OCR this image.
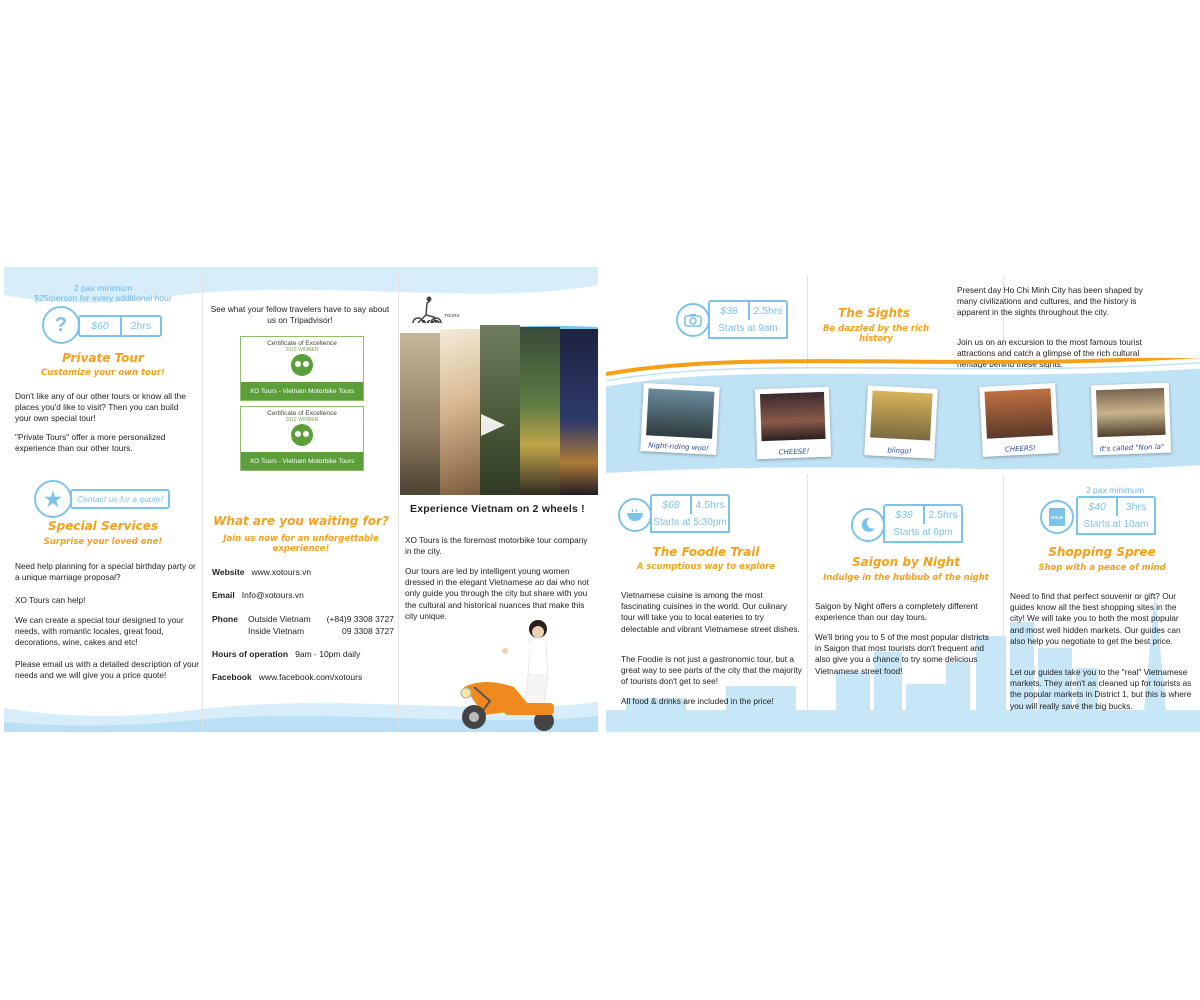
2 pax minimum
$25/person for every additional hour
?	$60	2hrs
Private Tour
Customize your own tour!
Don't like any of our other tours or know all the places you'd like to visit? Then you can build your own special tour!
"Private Tours" offer a more personalized experience than our other tours.
★	Contact us for a quote!
Special Services
Surprise your loved one!
Need help planning for a special birthday party or a unique marriage proposal?
XO Tours can help!
We can create a special tour designed to your needs, with romantic locales, great food, decorations, wine, cakes and etc!
Please email us with a detailed description of your needs and we will give you a price quote!
See what your fellow travelers have to say about us on Tripadvisor!
Certificate of Excellence
2013 WINNER
XO Tours - Vietnam Motorbike Tours
Certificate of Excellence
2012 WINNER
XO Tours - Vietnam Motorbike Tours
What are you waiting for?
Join us now for an unforgettable experience!
Website www.xotours.vn
Email Info@xotours.vn
Phone Outside Vietnam (+84)9 3308 3727
Inside Vietnam	09 3308 3727
Hours of operation 9am - 10pm daily
Facebook www.facebook.com/xotours
TOURS
Experience Vietnam on 2 wheels !
XO Tours is the foremost motorbike tour company in the city.
Our tours are led by intelligent young women dressed in the elegant Vietnamese ao dai who not only guide you through the city but share with you the cultural and historical nuances that make this city unique.
$38	2.5hrs
Starts at 9am
The Sights
Be dazzled by the rich history
Present day Ho Chi Minh City has been shaped by many civilizations and cultures, and the history is apparent in the sights throughout the city.
Join us on an excursion to the most famous tourist attractions and catch a glimpse of the rich cultural heritage behind these sights.
Night-riding woo!	CHEESE!	blingo!	CHEERS!	It's called "Non la"
$68	4.5hrs
Starts at 5:30pm
The Foodie Trail
A scumptious way to explore
Vietnamese cuisine is among the most fascinating cuisines in the world. Our culinary tour will take you to local eateries to try delectable and vibrant Vietnamese street dishes.
The Foodie is not just a gastronomic tour, but a great way to see parts of the city that the majority of tourists don't get to see!
All food & drinks are included in the price!
$38	2.5hrs
Starts at 6pm
Saigon by Night
Indulge in the hubbub of the night
Saigon by Night offers a completely different experience than our day tours.
We'll bring you to 5 of the most popular districts in Saigon that most tourists don't frequent and also give you a chance to try some delicious Vietnamese street food!
2 pax minimum
SALE
$40	3hrs
Starts at 10am
Shopping Spree
Shop with a peace of mind
Need to find that perfect souvenir or gift? Our guides know all the best shopping sites in the city! We will take you to both the most popular and most well hidden markets. Our guides can also help you negotiate to get the best price.
Let our guides take you to the "real" Vietnamese markets. They aren't as cleaned up for tourists as the popular markets in District 1, but this is where you will really save the big bucks.
